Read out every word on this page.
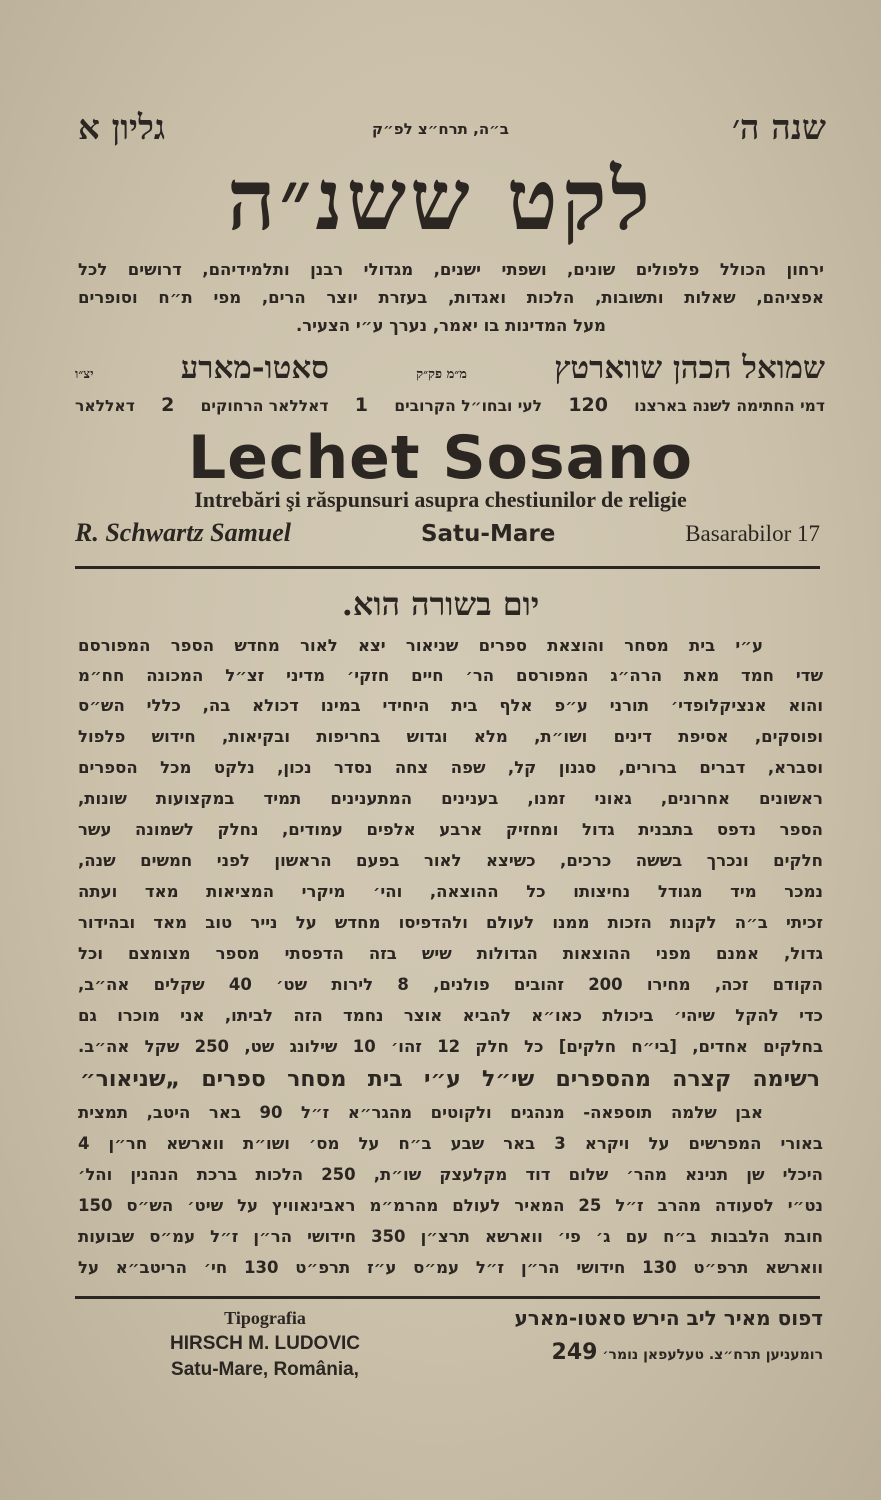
שנה ה׳
ב״ה, תרח״צ לפ״ק
גליון א
לקט ששנ״ה
ירחון הכולל פלפולים שונים, ושפתי ישנים, מגדולי רבנן ותלמידיהם, דרושים לכל
אפציהם, שאלות ותשובות, הלכות ואגדות, בעזרת יוצר הרים, מפי ת״ח וסופרים
מעל המדינות בו יאמר, נערך ע״י הצעיר.
שמואל הכהן שווארטץ
מ״מ פק״ק
סאטו-מארע
יצ״ו
דמי החתימה לשנה בארצנו
120
לעי ובחו״ל הקרובים
1
דאללאר הרחוקים
2
דאללאר
Lechet Sosano
Intrebări şi răspunsuri asupra chestiunilor de religie
R. Schwartz Samuel	Satu-Mare	Basarabilor 17
יום בשורה הוא.
ע״י בית מסחר והוצאת ספרים שניאור יצא לאור מחדש הספר המפורסם
שדי חמד מאת הרה״ג המפורסם הר׳ חיים חזקי׳ מדיני זצ״ל המכונה חח״מ
והוא אנציקלופדי׳ תורני ע״פ אלף בית היחידי במינו דכולא בה, כללי הש״ס
ופוסקים, אסיפת דינים ושו״ת, מלא וגדוש בחריפות ובקיאות, חידוש פלפול
וסברא, דברים ברורים, סגנון קל, שפה צחה נסדר נכון, נלקט מכל הספרים
ראשונים אחרונים, גאוני זמנו, בענינים המתענינים תמיד במקצועות שונות,
הספר נדפס בתבנית גדול ומחזיק ארבע אלפים עמודים, נחלק לשמונה עשר
חלקים ונכרך בששה כרכים, כשיצא לאור בפעם הראשון לפני חמשים שנה,
נמכר מיד מגודל נחיצותו כל ההוצאה, והי׳ מיקרי המציאות מאד ועתה
זכיתי ב״ה לקנות הזכות ממנו לעולם ולהדפיסו מחדש על נייר טוב מאד ובהידור
גדול, אמנם מפני ההוצאות הגדולות שיש בזה הדפסתי מספר מצומצם וכל
הקודם זכה, מחירו 200 זהובים פולנים, 8 לירות שט׳ 40 שקלים אה״ב,
כדי להקל שיהי׳ ביכולת כאו״א להביא אוצר נחמד הזה לביתו, אני מוכרו גם
בחלקים אחדים, [בי״ח חלקים] כל חלק 12 זהו׳ 10 שילונג שט, 250 שקל אה״ב.
רשימה קצרה מהספרים שי״ל ע״י בית מסחר ספרים „שניאור״
אבן שלמה תוספאה- מנהגים ולקוטים מהגר״א ז״ל 90 באר היטב, תמצית
באורי המפרשים על ויקרא 3 באר שבע ב״ח על מס׳ ושו״ת ווארשא חר״ן 4
היכלי שן תנינא מהר׳ שלום דוד מקלעצק שו״ת, 250 הלכות ברכת הנהנין והל׳
נט״י לסעודה מהרב ז״ל 25 המאיר לעולם מהרמ״מ ראבינאוויץ על שיט׳ הש״ס 150
חובת הלבבות ב״ח עם ג׳ פי׳ ווארשא תרצ״ן 350 חידושי הר״ן ז״ל עמ״ס שבועות
ווארשא תרפ״ט 130 חידושי הר״ן ז״ל עמ״ס ע״ז תרפ״ט 130 חי׳ הריטב״א על
Tipografia
HIRSCH M. LUDOVIC
Satu-Mare, România,
דפוס מאיר ליב הירש סאטו-מארע
רומעניען תרח״צ. טעלעפאן נומר׳ 249
